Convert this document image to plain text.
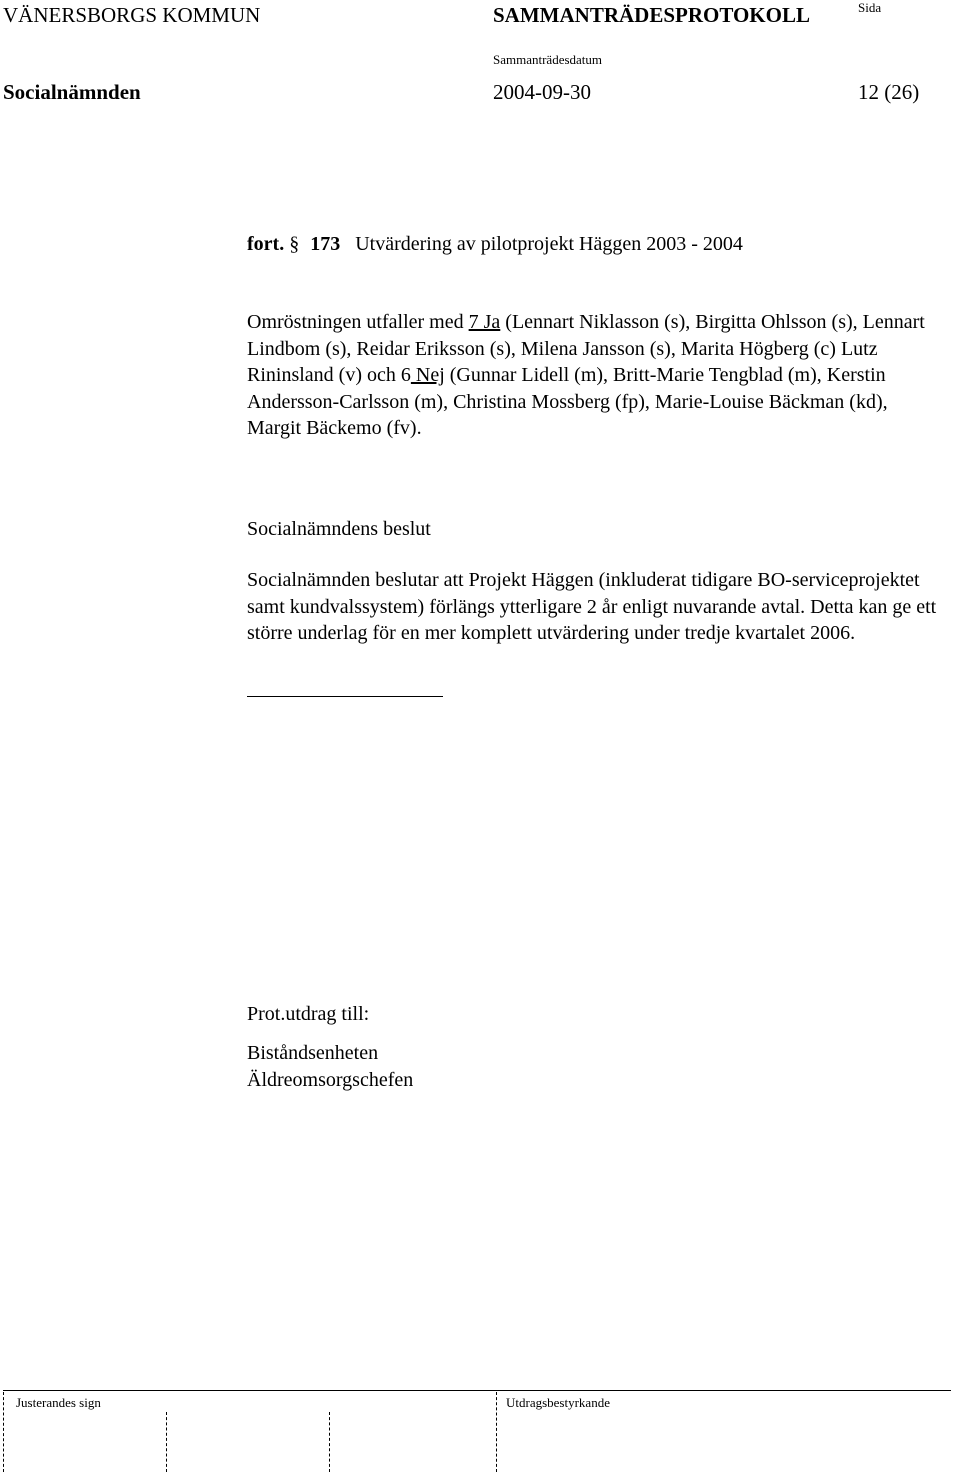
VÄNERSBORGS KOMMUN	SAMMANTRÄDESPROTOKOLL	Sida
Sammanträdesdatum
Socialnämnden	2004-09-30	12 (26)
fort. § 173 Utvärdering av pilotprojekt Häggen 2003 - 2004
Omröstningen utfaller med 7 Ja (Lennart Niklasson (s), Birgitta Ohlsson (s), Lennart Lindbom (s), Reidar Eriksson (s), Milena Jansson (s), Marita Högberg (c) Lutz Rininsland (v) och 6 Nej (Gunnar Lidell (m), Britt-Marie Tengblad (m), Kerstin Andersson-Carlsson (m), Christina Mossberg (fp), Marie-Louise Bäckman (kd), Margit Bäckemo (fv).
Socialnämndens beslut
Socialnämnden beslutar att Projekt Häggen (inkluderat tidigare BO-serviceprojektet samt kundvalssystem) förlängs ytterligare 2 år enligt nuvarande avtal. Detta kan ge ett större underlag för en mer komplett utvärdering under tredje kvartalet 2006.
Prot.utdrag till:
Biståndsenheten
Äldreomsorgschefen
Justerandes sign	Utdragsbestyrkande
